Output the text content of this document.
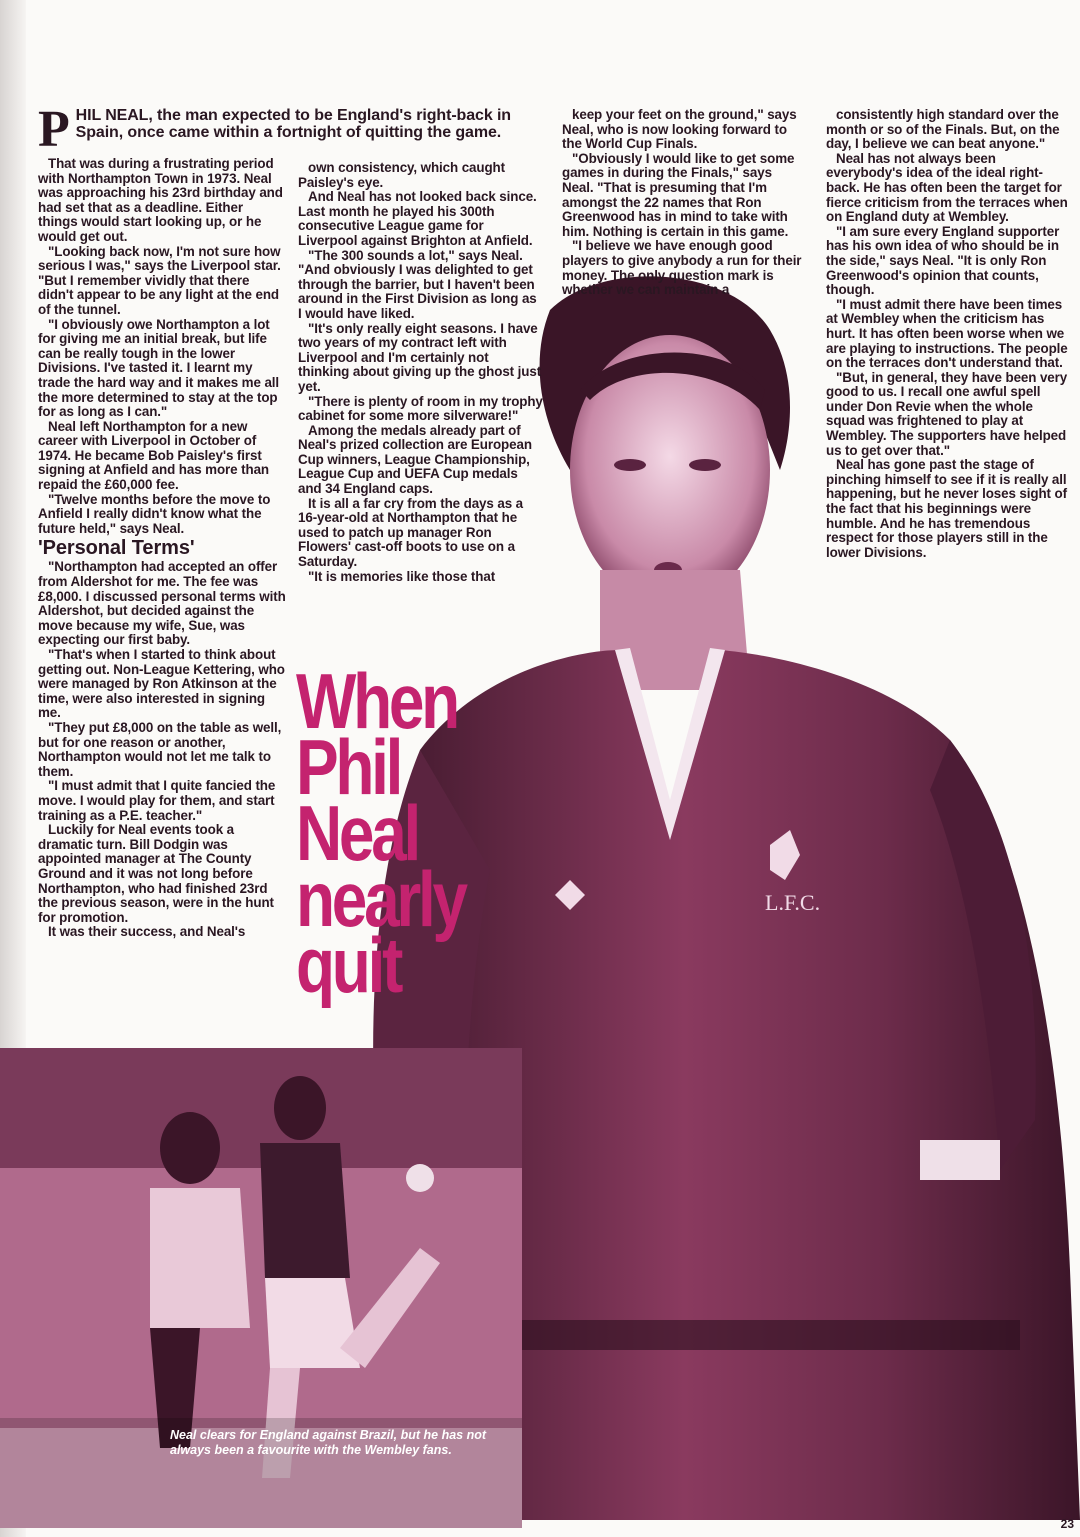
L.F.C.
Neal clears for England against Brazil, but he has not always been a favourite with the Wembley fans.

PHIL NEAL, the man expected to be England's right-back in Spain, once came within a fortnight of quitting the game.

That was during a frustrating period with Northampton Town in 1973. Neal was approaching his 23rd birthday and had set that as a deadline. Either things would start looking up, or he would get out.

"Looking back now, I'm not sure how serious I was," says the Liverpool star. "But I remember vividly that there didn't appear to be any light at the end of the tunnel.

"I obviously owe Northampton a lot for giving me an initial break, but life can be really tough in the lower Divisions. I've tasted it. I learnt my trade the hard way and it makes me all the more determined to stay at the top for as long as I can."

Neal left Northampton for a new career with Liverpool in October of 1974. He became Bob Paisley's first signing at Anfield and has more than repaid the £60,000 fee.

"Twelve months before the move to Anfield I really didn't know what the future held," says Neal.

'Personal Terms'

"Northampton had accepted an offer from Aldershot for me. The fee was £8,000. I discussed personal terms with Aldershot, but decided against the move because my wife, Sue, was expecting our first baby.

"That's when I started to think about getting out. Non-League Kettering, who were managed by Ron Atkinson at the time, were also interested in signing me.

"They put £8,000 on the table as well, but for one reason or another, Northampton would not let me talk to them.

"I must admit that I quite fancied the move. I would play for them, and start training as a P.E. teacher."

Luckily for Neal events took a dramatic turn. Bill Dodgin was appointed manager at The County Ground and it was not long before Northampton, who had finished 23rd the previous season, were in the hunt for promotion.

It was their success, and Neal's

own consistency, which caught Paisley's eye.

And Neal has not looked back since. Last month he played his 300th consecutive League game for Liverpool against Brighton at Anfield.

"The 300 sounds a lot," says Neal. "And obviously I was delighted to get through the barrier, but I haven't been around in the First Division as long as I would have liked.

"It's only really eight seasons. I have two years of my contract left with Liverpool and I'm certainly not thinking about giving up the ghost just yet.

"There is plenty of room in my trophy cabinet for some more silverware!"

Among the medals already part of Neal's prized collection are European Cup winners, League Championship, League Cup and UEFA Cup medals and 34 England caps.

It is all a far cry from the days as a 16-year-old at Northampton that he used to patch up manager Ron Flowers' cast-off boots to use on a Saturday.

"It is memories like those that

keep your feet on the ground," says Neal, who is now looking forward to the World Cup Finals.

"Obviously I would like to get some games in during the Finals," says Neal. "That is presuming that I'm amongst the 22 names that Ron Greenwood has in mind to take with him. Nothing is certain in this game.

"I believe we have enough good players to give anybody a run for their money. The only question mark is whether we can maintain a

consistently high standard over the month or so of the Finals. But, on the day, I believe we can beat anyone."

Neal has not always been everybody's idea of the ideal right-back. He has often been the target for fierce criticism from the terraces when on England duty at Wembley.

"I am sure every England supporter has his own idea of who should be in the side," says Neal. "It is only Ron Greenwood's opinion that counts, though.

"I must admit there have been times at Wembley when the criticism has hurt. It has often been worse when we are playing to instructions. The people on the terraces don't understand that.

"But, in general, they have been very good to us. I recall one awful spell under Don Revie when the whole squad was frightened to play at Wembley. The supporters have helped us to get over that."

Neal has gone past the stage of pinching himself to see if it is really all happening, but he never loses sight of the fact that his beginnings were humble. And he has tremendous respect for those players still in the lower Divisions.

When
Phil
Neal
nearly
quit
23
